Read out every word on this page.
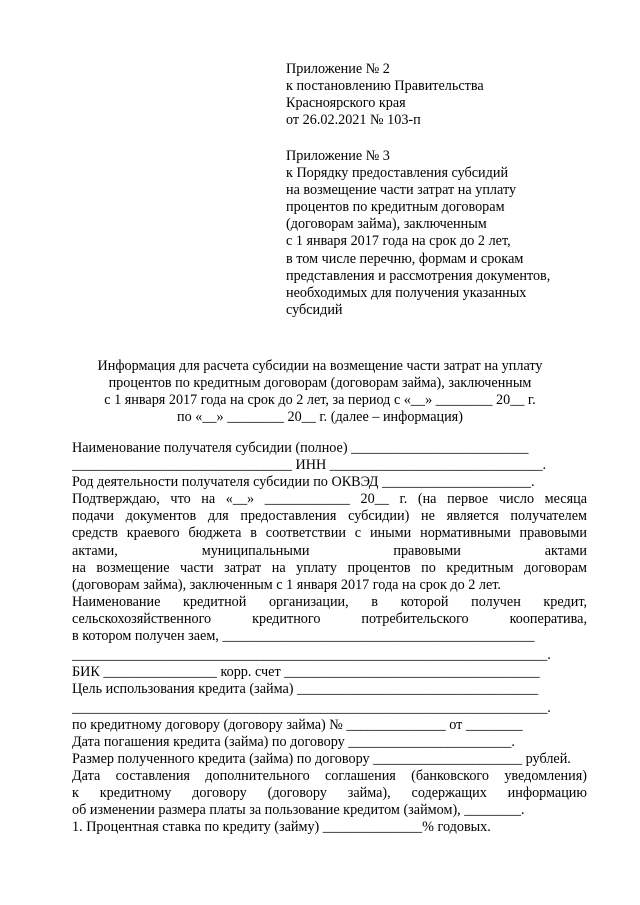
Приложение № 2

к постановлению Правительства

Красноярского края

от 26.02.2021 № 103-п

Приложение № 3

к Порядку предоставления субсидий

на возмещение части затрат на уплату

процентов по кредитным договорам

(договорам займа), заключенным

с 1 января 2017 года на срок до 2 лет,

в том числе перечню, формам и срокам

представления и рассмотрения документов,

необходимых для получения указанных

субсидий

Информация для расчета субсидии на возмещение части затрат на уплату

процентов по кредитным договорам (договорам займа), заключенным

с 1 января 2017 года на срок до 2 лет, за период с «__» ________ 20__ г.

по «__» ________ 20__ г. (далее – информация)

Наименование получателя субсидии (полное) _________________________

_______________________________ ИНН ______________________________.

Род деятельности получателя субсидии по ОКВЭД _____________________.

Подтверждаю, что на «__» ____________ 20__ г. (на первое число месяца

подачи документов для предоставления субсидии) не является получателем

средств краевого бюджета в соответствии с иными нормативными правовыми

актами, муниципальными правовыми актами

на возмещение части затрат на уплату процентов по кредитным договорам

(договорам займа), заключенным с 1 января 2017 года на срок до 2 лет.

Наименование кредитной организации, в которой получен кредит,

сельскохозяйственного кредитного потребительского кооператива,

в котором получен заем, ____________________________________________

___________________________________________________________________.

БИК ________________ корр. счет ____________________________________

Цель использования кредита (займа) __________________________________

___________________________________________________________________.

по кредитному договору (договору займа) № ______________ от ________

Дата погашения кредита (займа) по договору _______________________.

Размер полученного кредита (займа) по договору _____________________ рублей.

Дата составления дополнительного соглашения (банковского уведомления)

к кредитному договору (договору займа), содержащих информацию

об изменении размера платы за пользование кредитом (займом), ________.

1. Процентная ставка по кредиту (займу) ______________% годовых.
